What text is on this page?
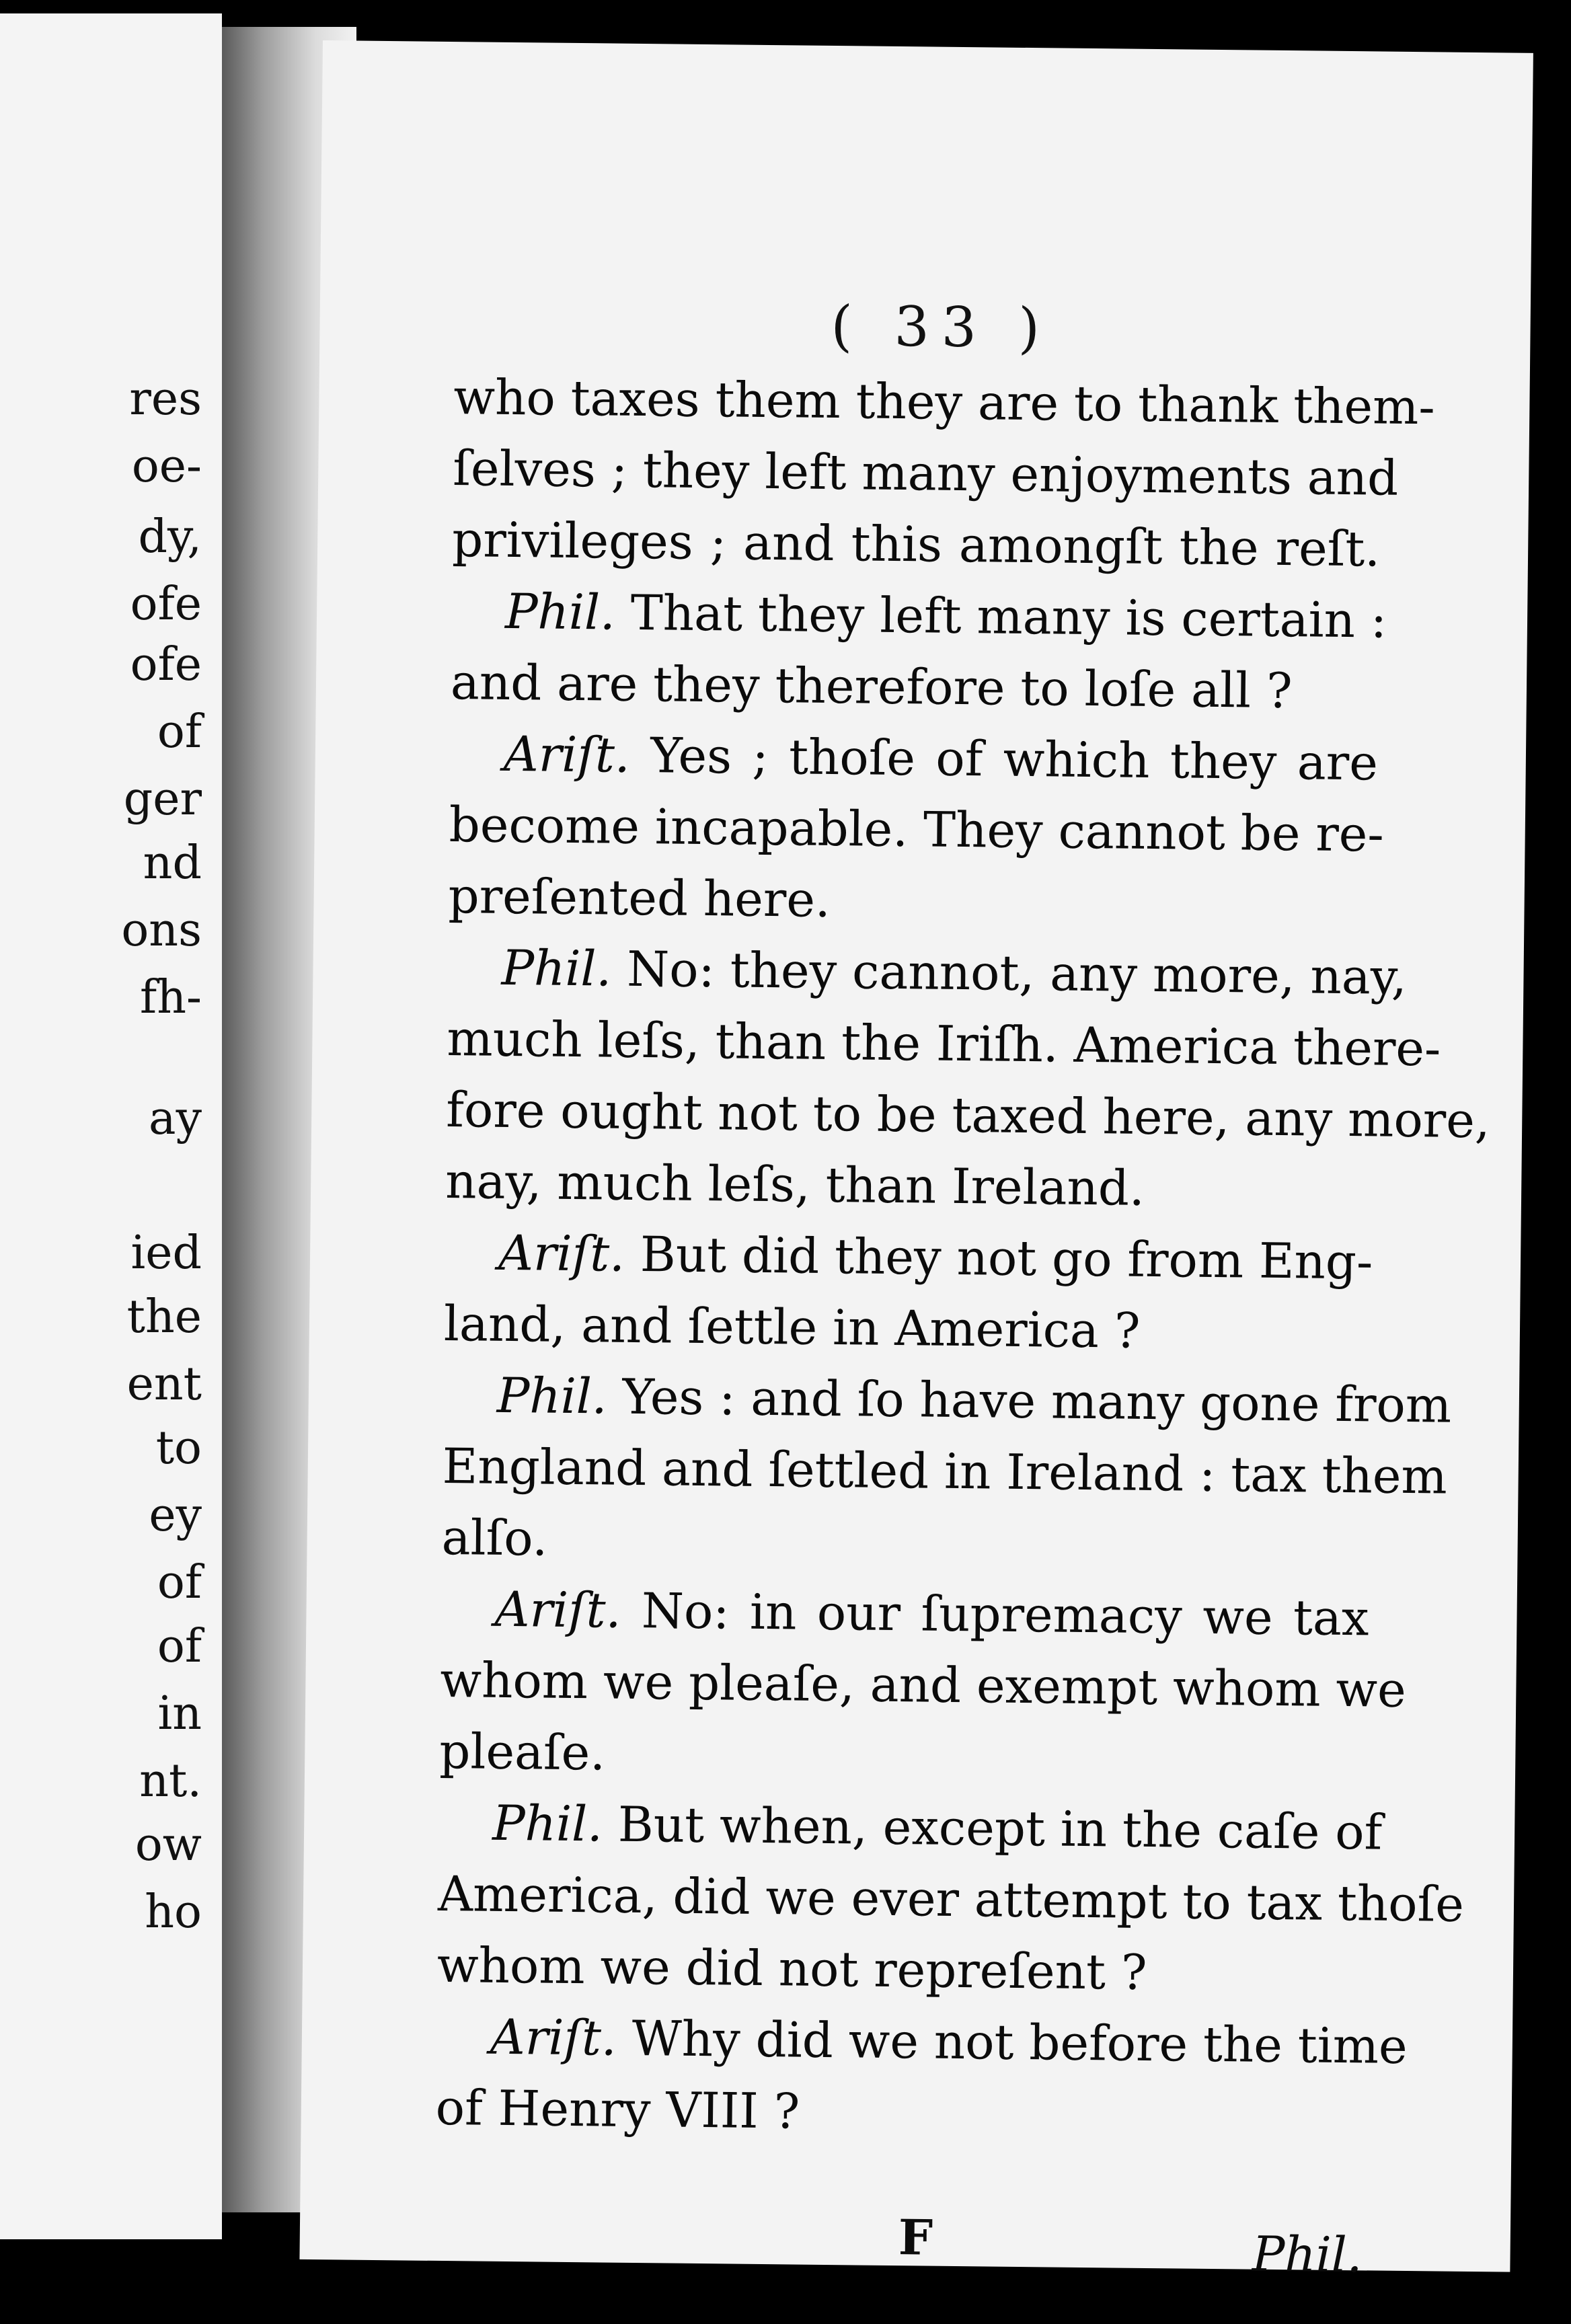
res
oe-
dy,
ofe
ofe
of
ger
nd
ons
fh-
ay
ied
the
ent
to
ey
of
of
in
nt.
ow
ho
( 33 )
who taxes them they are to thank them-
ſelves ; they left many enjoyments and
privileges ; and this amongſt the reſt.
Phil. That they left many is certain :
and are they therefore to loſe all ?
Ariſt. Yes ; thoſe of which they are
become incapable. They cannot be re-
preſented here.
Phil. No: they cannot, any more, nay,
much leſs, than the Iriſh. America there-
fore ought not to be taxed here, any more,
nay, much leſs, than Ireland.
Ariſt. But did they not go from Eng-
land, and ſettle in America ?
Phil. Yes : and ſo have many gone from
England and ſettled in Ireland : tax them
alſo.
Ariſt. No: in our ſupremacy we tax
whom we pleaſe, and exempt whom we
pleaſe.
Phil. But when, except in the caſe of
America, did we ever attempt to tax thoſe
whom we did not repreſent ?
Ariſt. Why did we not before the time
of Henry VIII ?
F	Phil.
